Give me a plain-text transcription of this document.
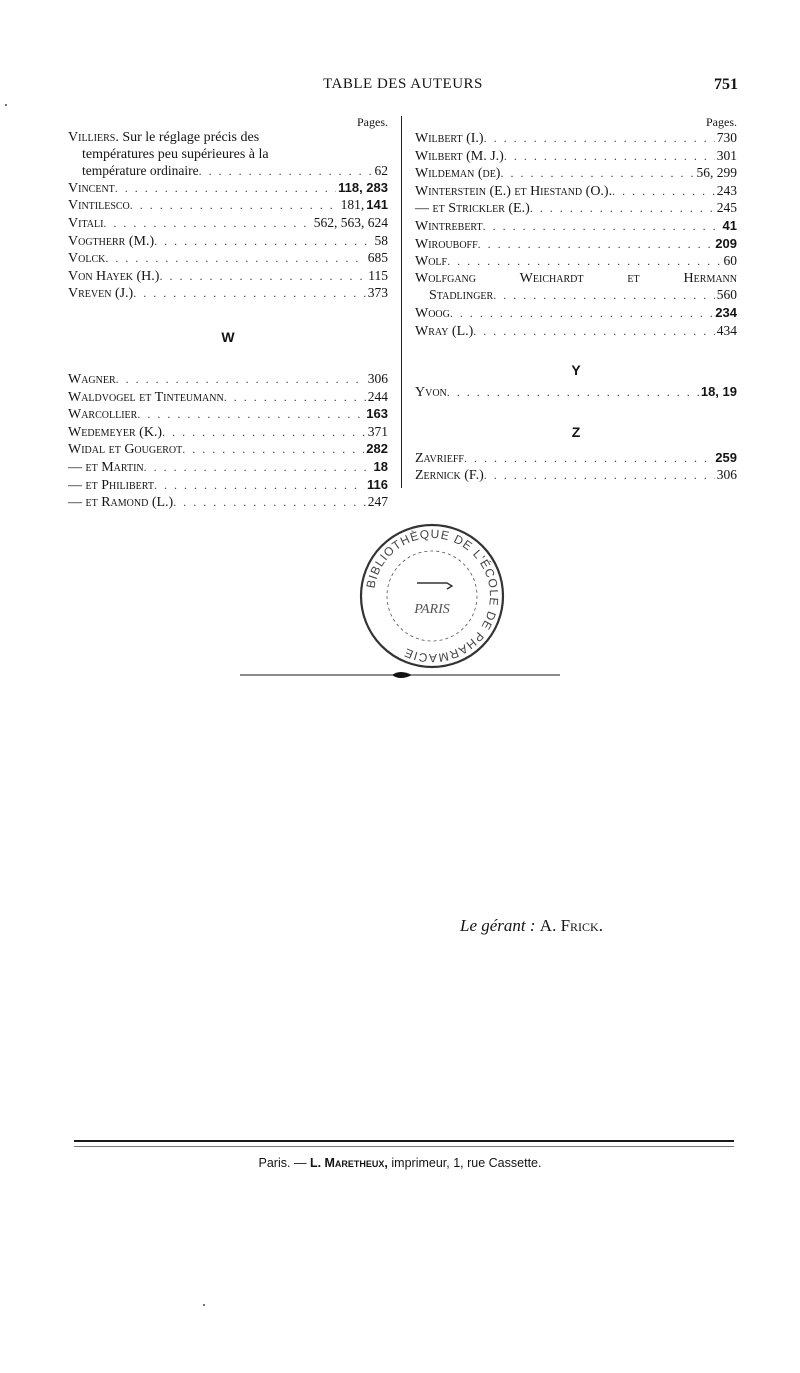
TABLE DES AUTEURS	751
Pages.
Villiers. Sur le réglage précis des
températures peu supérieures à la
température ordinaire . . .	62
Vincent . . .	118, 283
Vintilesco . . .	181, 141
Vitali . . .	562, 563, 624
Vogtherr (M.) . . .	58
Volck . . .	685
Von Hayek (H.) . . .	115
Vreven (J.) . . .	373
W
Wagner . . .	306
Waldvogel et Tinteumann . . .	244
Warcollier . . .	163
Wedemeyer (K.) . . .	371
Widal et Gougerot . . .	282
— et Martin . . .	18
— et Philibert . . .	116
— et Ramond (L.) . . .	247
Pages.
Wilbert (I.) . . .	730
Wilbert (M. J.) . . .	301
Wildeman (de) . . .	56, 299
Winterstein (E.) et Hiestand (O.). . . .	243
— et Strickler (E.) . . .	245
Wintrebert . . .	41
Wirouboff . . .	209
Wolf . . .	60
Wolfgang Weichardt et Hermann
Stadlinger . . .	560
Woog . . .	234
Wray (L.) . . .	434
Y
Yvon . . .	18, 19
Z
Zavrieff . . .	259
Zernick (F.) . . .	306
BIBLIOTHÈQUE DE L'ÉCOLE DE PHARMACIE
PARIS
Le gérant : A. Frick.
Paris. — L. Maretheux, imprimeur, 1, rue Cassette.
